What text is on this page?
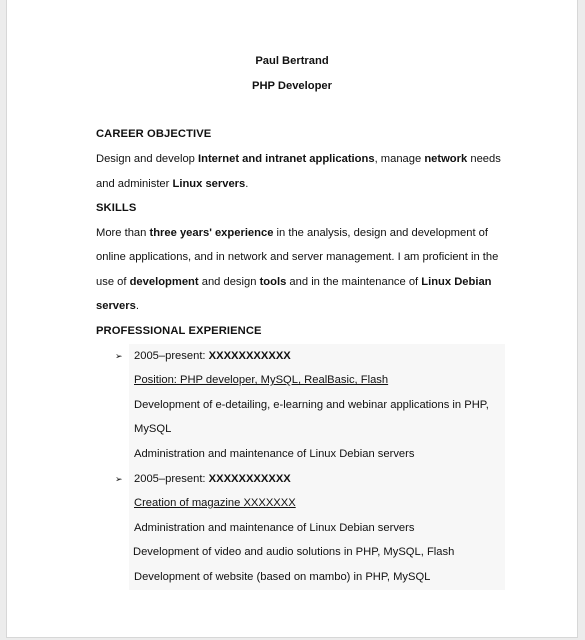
Paul Bertrand
PHP Developer
CAREER OBJECTIVE
Design and develop Internet and intranet applications, manage network needs
and administer Linux servers.
SKILLS
More than three years' experience in the analysis, design and development of
online applications, and in network and server management. I am proficient in the
use of development and design tools and in the maintenance of Linux Debian
servers.
PROFESSIONAL EXPERIENCE
➢ 2005–present: XXXXXXXXXXX
Position: PHP developer, MySQL, RealBasic, Flash
Development of e-detailing, e-learning and webinar applications in PHP,
MySQL
Administration and maintenance of Linux Debian servers
➢ 2005–present: XXXXXXXXXXX
Creation of magazine XXXXXXX
Administration and maintenance of Linux Debian servers
Development of video and audio solutions in PHP, MySQL, Flash
Development of website (based on mambo) in PHP, MySQL
